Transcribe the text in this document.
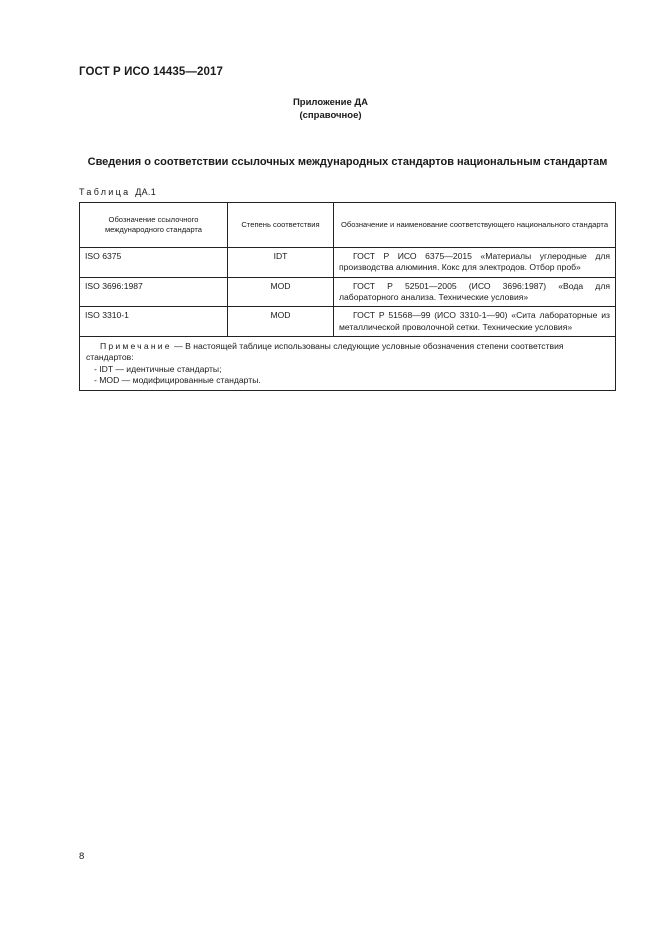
ГОСТ Р ИСО 14435—2017
Приложение ДА
(справочное)
Сведения о соответствии ссылочных международных стандартов национальным стандартам
Таблица ДА.1
Обозначение ссылочного международного стандарта	Степень соответствия	Обозначение и наименование соответствующего национального стандарта
ISO 6375	IDT	ГОСТ Р ИСО 6375—2015 «Материалы углеродные для производства алюминия. Кокс для электродов. Отбор проб»
ISO 3696:1987	MOD	ГОСТ Р 52501—2005 (ИСО 3696:1987) «Вода для лабораторного анализа. Технические условия»
ISO 3310-1	MOD	ГОСТ Р 51568—99 (ИСО 3310-1—90) «Сита лабораторные из металлической проволочной сетки. Технические условия»

Примечание — В настоящей таблице использованы следующие условные обозначения степени соответствия стандартов:
- IDT — идентичные стандарты;
- MOD — модифицированные стандарты.		
8
